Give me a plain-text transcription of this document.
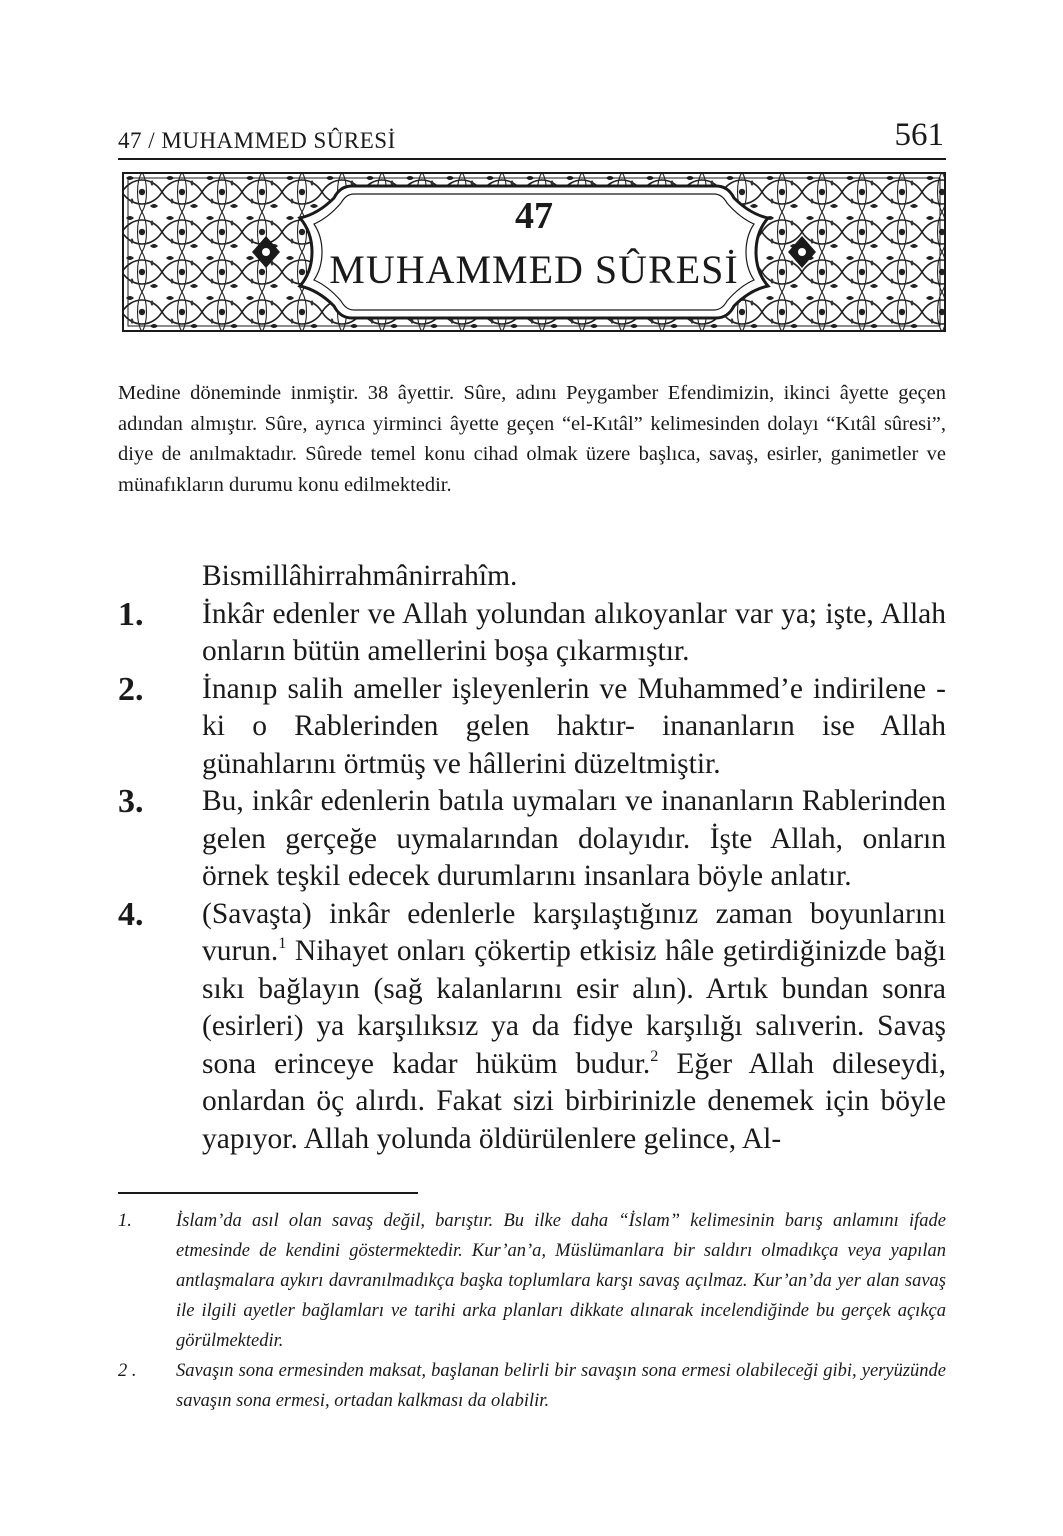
47 / MUHAMMED SÛRESİ	561
47
MUHAMMED SÛRESİ

Medine döneminde inmiştir. 38 âyettir. Sûre, adını Peygamber Efendimizin, ikinci âyette geçen adından almıştır. Sûre, ayrıca yirminci âyette geçen “el-Kıtâl” kelimesinden dolayı “Kıtâl sûresi”, diye de anılmaktadır. Sûrede temel konu cihad olmak üzere başlıca, savaş, esirler, ganimetler ve münafıkların durumu konu edilmektedir.

Bismillâhirrahmânirrahîm.
1. İnkâr edenler ve Allah yolundan alıkoyanlar var ya; işte, Allah onların bütün amellerini boşa çıkarmıştır.
2. İnanıp salih ameller işleyenlerin ve Muhammed’e indirilene -ki o Rablerinden gelen haktır- inananların ise Allah günahlarını örtmüş ve hâllerini düzeltmiştir.
3. Bu, inkâr edenlerin batıla uymaları ve inananların Rablerinden gelen gerçeğe uymalarından dolayıdır. İşte Allah, onların örnek teşkil edecek durumlarını insanlara böyle anlatır.
4. (Savaşta) inkâr edenlerle karşılaştığınız zaman boyunlarını vurun.$^1$ Nihayet onları çökertip etkisiz hâle getirdiğinizde bağı sıkı bağlayın (sağ kalanlarını esir alın). Artık bundan sonra (esirleri) ya karşılıksız ya da fidye karşılığı salıverin. Savaş sona erinceye kadar hüküm budur.$^2$ Eğer Allah dileseydi, onlardan öç alırdı. Fakat sizi birbirinizle denemek için böyle yapıyor. Allah yolunda öldürülenlere gelince, Al-
1. İslam’da asıl olan savaş değil, barıştır. Bu ilke daha “İslam” kelimesinin barış anlamını ifade etmesinde de kendini göstermektedir. Kur’an’a, Müslümanlara bir saldırı olmadıkça veya yapılan antlaşmalara aykırı davranılmadıkça başka toplumlara karşı savaş açılmaz. Kur’an’da yer alan savaş ile ilgili ayetler bağlamları ve tarihi arka planları dikkate alınarak incelendiğinde bu gerçek açıkça görülmektedir.
2 . Savaşın sona ermesinden maksat, başlanan belirli bir savaşın sona ermesi olabileceği gibi, yeryüzünde savaşın sona ermesi, ortadan kalkması da olabilir.
